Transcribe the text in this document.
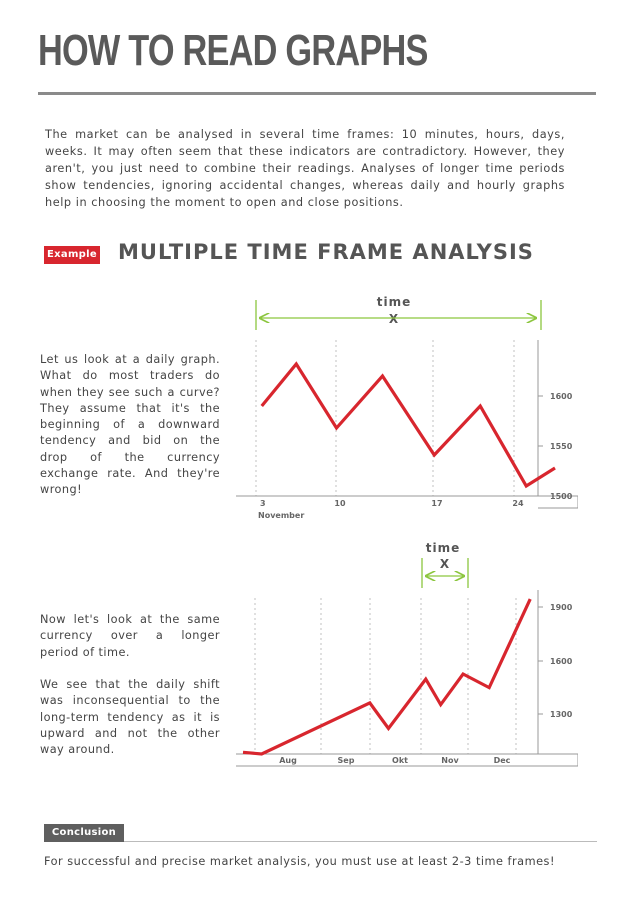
HOW TO READ GRAPHS
The market can be analysed in several time frames: 10 minutes, hours, days, weeks. It may often seem that these indicators are contradictory. However, they aren't, you just need to combine their readings. Analyses of longer time periods show tendencies, ignoring accidental changes, whereas daily and hourly graphs help in choosing the moment to open and close positions.
Example MULTIPLE TIME FRAME ANALYSIS
Let us look at a daily graph. What do most traders do when they see such a curve? They assume that it's the beginning of a downward tendency and bid on the drop of the currency exchange rate. And they're wrong!
time
X
3	10	17	24
1600
1550
1500
November
Now let's look at the same currency over a longer period of time.
We see that the daily shift was inconsequential to the long-term tendency as it is upward and not the other way around.
time
X
Aug	Sep	Okt	Nov	Dec
1900
1600
1300
Conclusion
For successful and precise market analysis, you must use at least 2-3 time frames!
